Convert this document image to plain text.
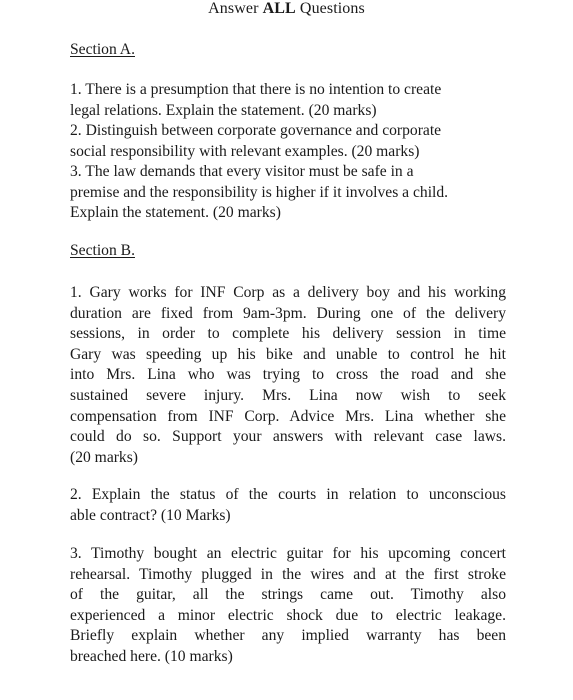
Answer ALL Questions
Section A.
1. There is a presumption that there is no intention to create
legal relations. Explain the statement. (20 marks)
2. Distinguish between corporate governance and corporate
social responsibility with relevant examples. (20 marks)
3. The law demands that every visitor must be safe in a
premise and the responsibility is higher if it involves a child.
Explain the statement. (20 marks)
Section B.
1. Gary works for INF Corp as a delivery boy and his working
duration are fixed from 9am-3pm. During one of the delivery
sessions, in order to complete his delivery session in time
Gary was speeding up his bike and unable to control he hit
into Mrs. Lina who was trying to cross the road and she
sustained severe injury. Mrs. Lina now wish to seek
compensation from INF Corp. Advice Mrs. Lina whether she
could do so. Support your answers with relevant case laws.
(20 marks)
2. Explain the status of the courts in relation to unconscious
able contract? (10 Marks)
3. Timothy bought an electric guitar for his upcoming concert
rehearsal. Timothy plugged in the wires and at the first stroke
of the guitar, all the strings came out. Timothy also
experienced a minor electric shock due to electric leakage.
Briefly explain whether any implied warranty has been
breached here. (10 marks)
